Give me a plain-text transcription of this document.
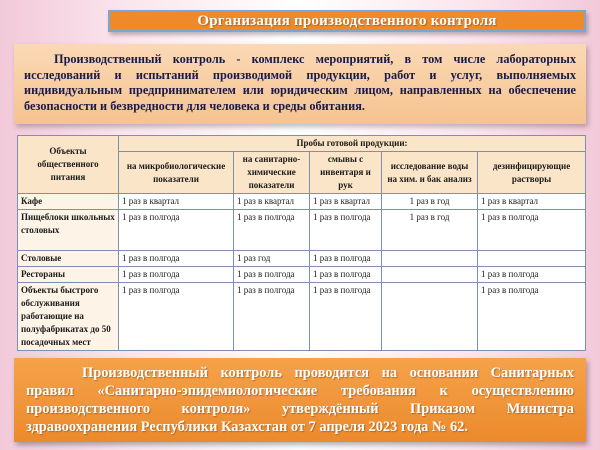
Организация производственного контроля

Производственный контроль - комплекс мероприятий, в том числе лабораторных исследований и испытаний производимой продукции, работ и услуг, выполняемых индивидуальным предпринимателем или юридическим лицом, направленных на обеспечение безопасности и безвредности для человека и среды обитания.

Объекты общественного питания	Пробы готовой продукции:				
	на микробиологические показатели	на санитарно-химические показатели	смывы с инвентаря и рук	исследование воды на хим. и бак анализ	дезинфицирующие растворы
Кафе	1 раз в квартал	1 раз в квартал	1 раз в квартал	1 раз в год	1 раз в квартал
Пищеблоки школьных столовых	1 раз в полгода	1 раз в полгода	1 раз в полгода	1 раз в год	1 раз в полгода
Столовые	1 раз в полгода	1 раз год	1 раз в полгода		
Рестораны	1 раз в полгода	1 раз в полгода	1 раз в полгода		1 раз в полгода
Объекты быстрого обслуживания работающие на полуфабрикатах до 50 посадочных мест	1 раз в полгода	1 раз в полгода	1 раз в полгода		1 раз в полгода

Производственный контроль проводится на основании Санитарных правил «Санитарно-эпидемиологические требования к осуществлению производственного контроля» утверждённый Приказом Министра здравоохранения Республики Казахстан от 7 апреля 2023 года № 62.
